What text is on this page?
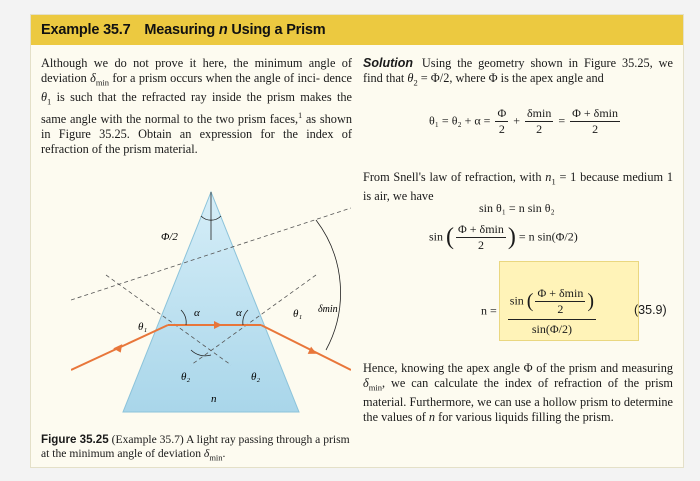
Example 35.7 Measuring n Using a Prism
Although we do not prove it here, the minimum angle of deviation $\delta_{min}$ for a prism occurs when the angle of inci- dence $\theta_1$ is such that the refracted ray inside the prism makes the same angle with the normal to the two prism faces,$^1$ as shown in Figure 35.25. Obtain an expression for the index of refraction of the prism material.
Solution Using the geometry shown in Figure 35.25, we find that $\theta_2 = \Phi/2$, where Φ is the apex angle and
$\theta_1 = \theta_2 + \alpha = \frac{\Phi}{2} + \frac{\delta\min}{2} = \frac{\Phi + \delta\min}{2}$
From Snell's law of refraction, with $n_1 = 1$ because medium 1 is air, we have
sin θ₁ = n sin θ₂
sin ( $\frac{\Phi + \delta\min}{2}$ ) = n sin(Φ/2)
$n = \frac{\sin ( \frac{\Phi + \delta\min}{2} )}{\sin(\Phi/2)}$	(35.9)
Hence, knowing the apex angle Φ of the prism and measuring $\delta_{min}$, we can calculate the index of refraction of the prism material. Furthermore, we can use a hollow prism to determine the values of n for various liquids filling the prism.
Φ/2
α	α
θ₁
θ₁ δmin
θ₂	θ₂
n
Figure 35.25 (Example 35.7) A light ray passing through a prism at the minimum angle of deviation $\delta_{min}$.
